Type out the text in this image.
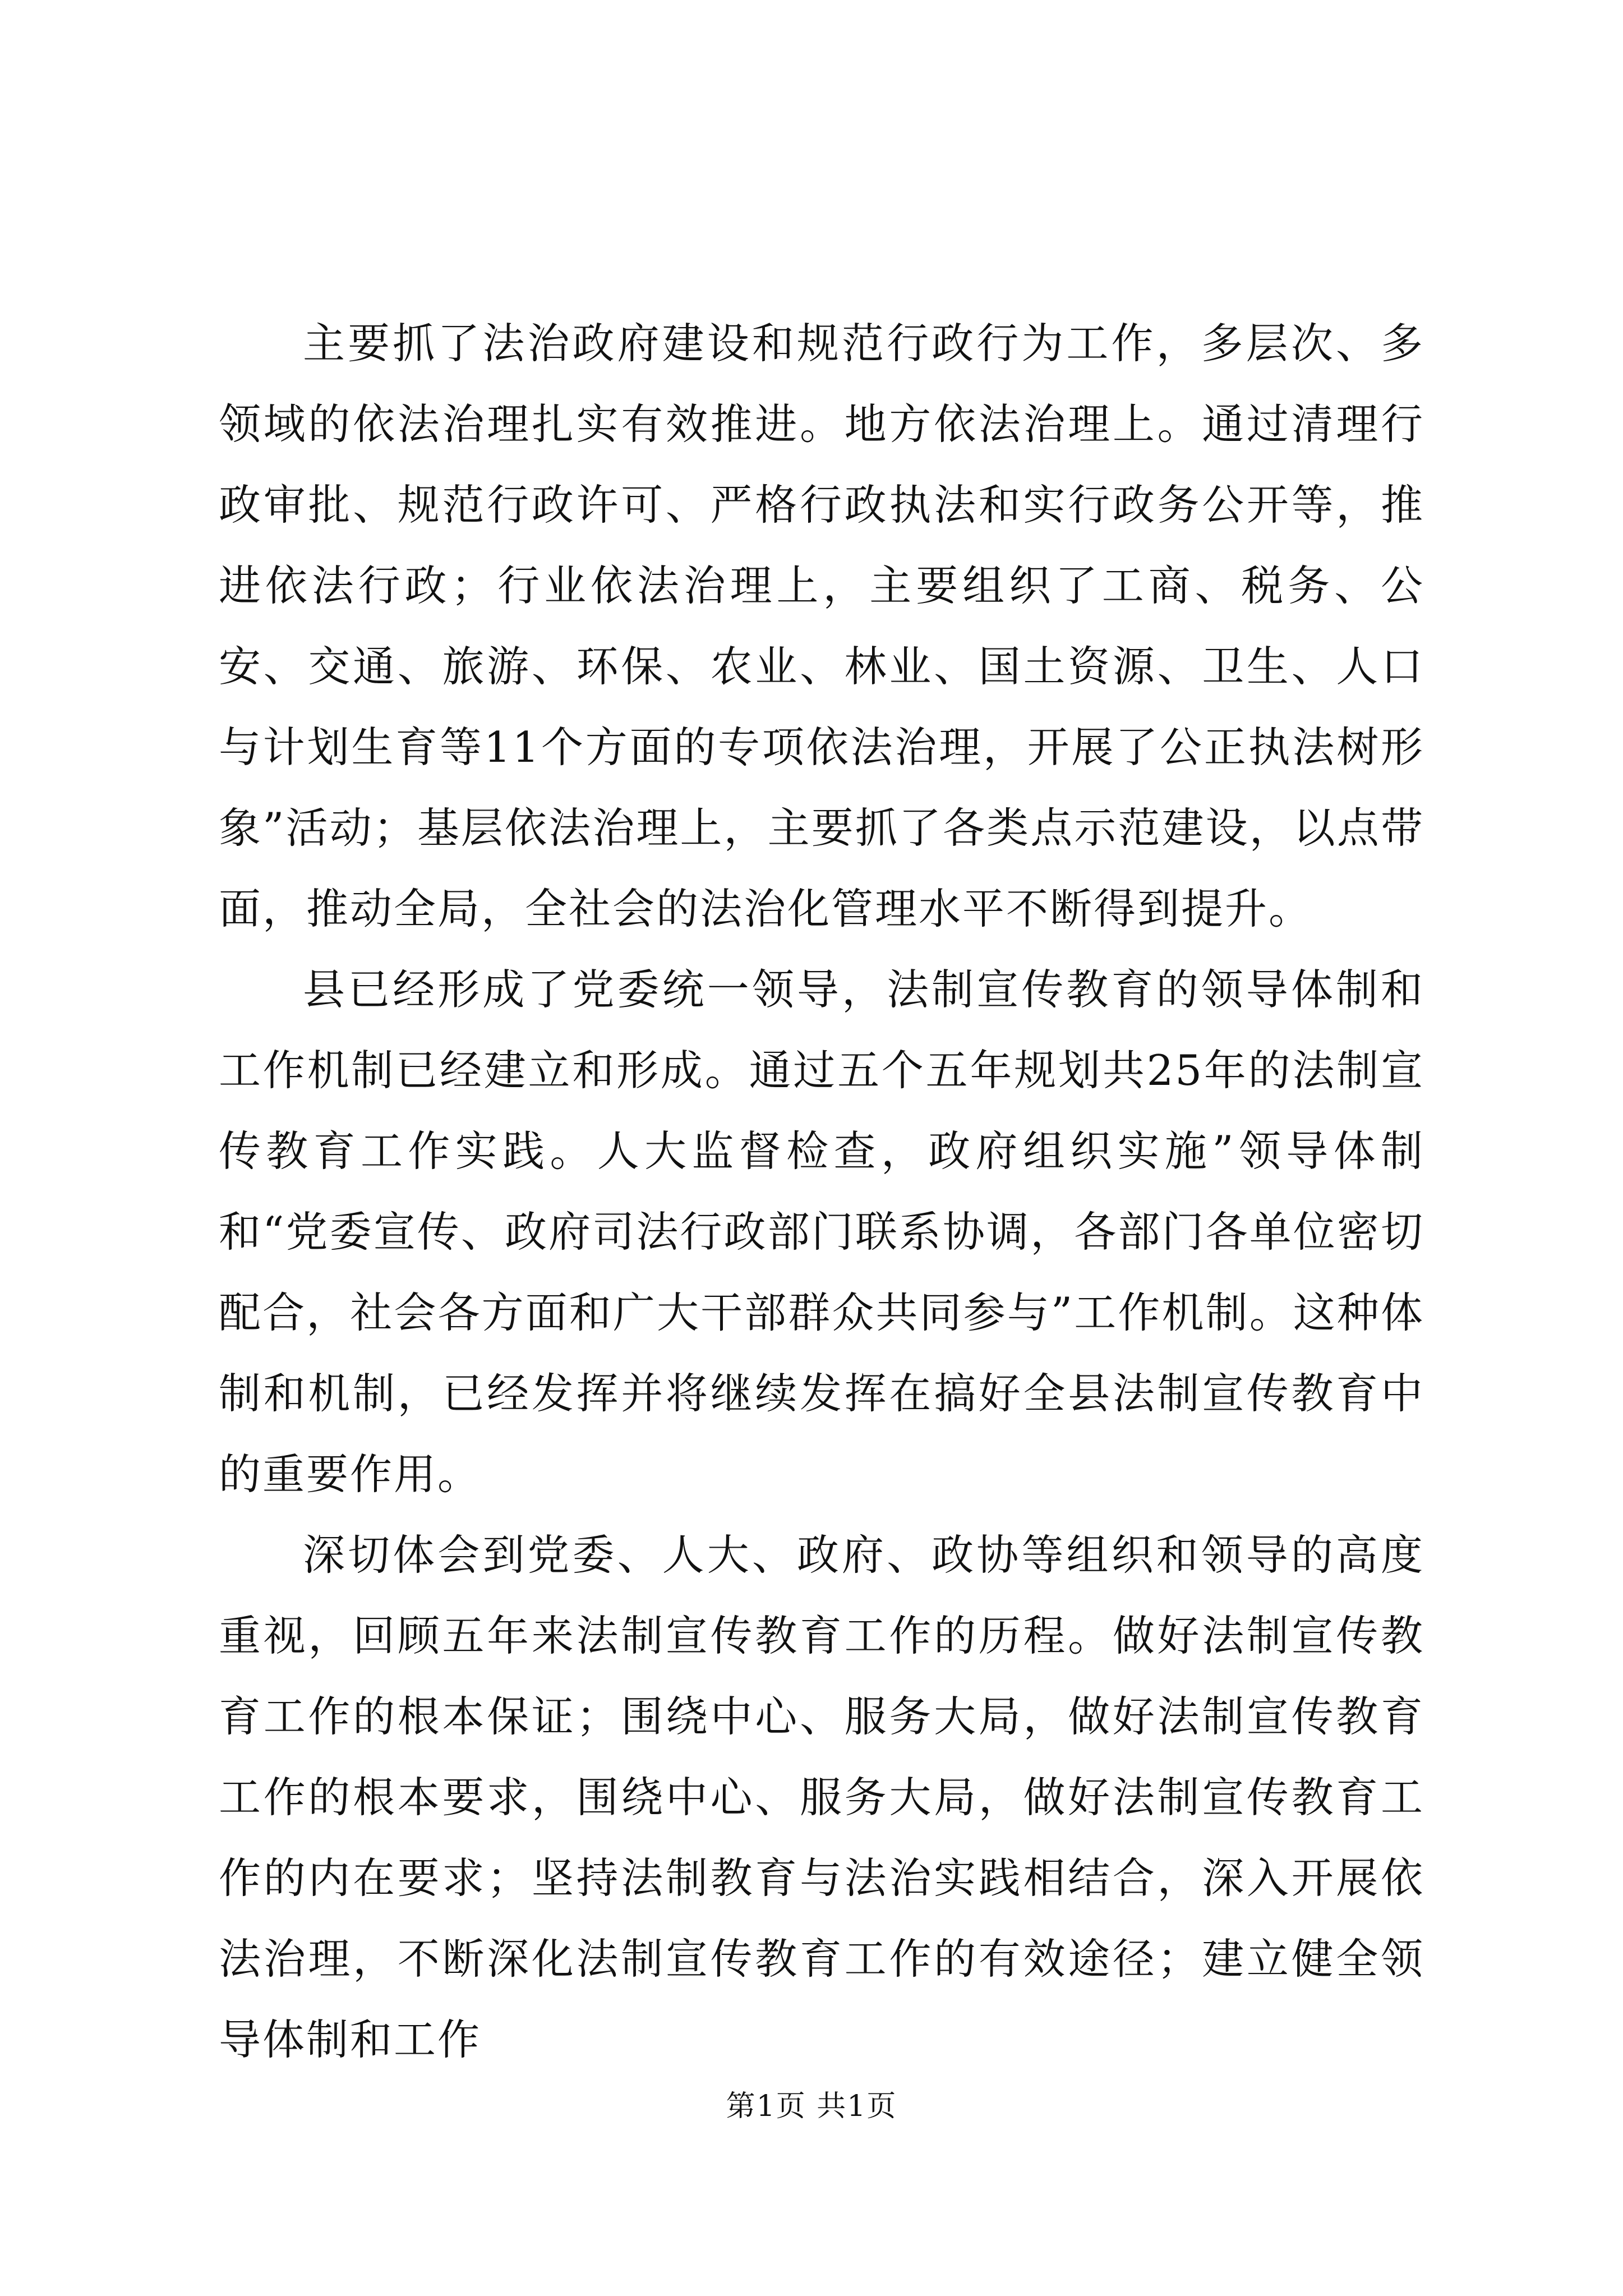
主要抓了法治政府建设和规范行政行为工作，多层次、多领域的依法治理扎实有效推进。地方依法治理上。通过清理行政审批、规范行政许可、严格行政执法和实行政务公开等，推进依法行政；行业依法治理上，主要组织了工商、税务、公安、交通、旅游、环保、农业、林业、国土资源、卫生、人口与计划生育等11个方面的专项依法治理，开展了公正执法树形象”活动；基层依法治理上，主要抓了各类点示范建设，以点带面，推动全局，全社会的法治化管理水平不断得到提升。

县已经形成了党委统一领导，法制宣传教育的领导体制和工作机制已经建立和形成。通过五个五年规划共25年的法制宣传教育工作实践。人大监督检查，政府组织实施”领导体制和“党委宣传、政府司法行政部门联系协调，各部门各单位密切配合，社会各方面和广大干部群众共同参与”工作机制。这种体制和机制，已经发挥并将继续发挥在搞好全县法制宣传教育中的重要作用。

深切体会到党委、人大、政府、政协等组织和领导的高度重视，回顾五年来法制宣传教育工作的历程。做好法制宣传教育工作的根本保证；围绕中心、服务大局，做好法制宣传教育工作的根本要求，围绕中心、服务大局，做好法制宣传教育工作的内在要求；坚持法制教育与法治实践相结合，深入开展依法治理，不断深化法制宣传教育工作的有效途径；建立健全领导体制和工作

第1页 共1页
